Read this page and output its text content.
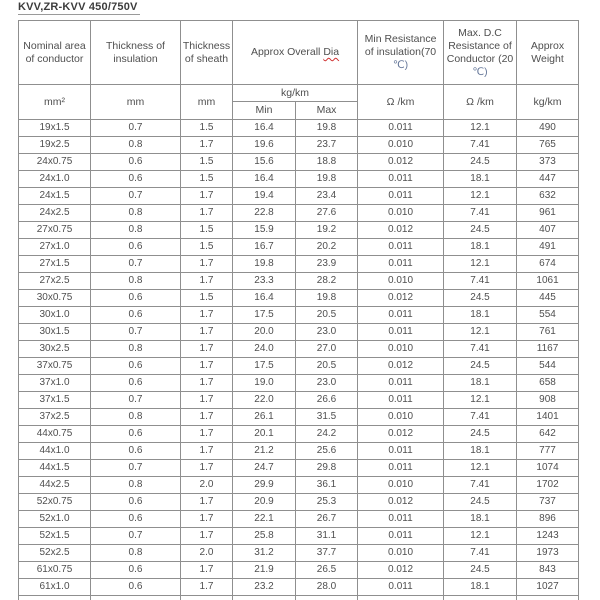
KVV,ZR-KVV 450/750V
Nominal area of conductor	Thickness of insulation	Thickness of sheath	Approx Overall Dia		Min Resistance of insulation(70 ℃)	Max. D.C Resistance of Conductor (20 ℃)	Approx Weight
mm²	mm	mm	kg/km		Ω /km	Ω /km	kg/km
			Min	Max			
19x1.5	0.7	1.5	16.4	19.8	0.011	12.1	490
19x2.5	0.8	1.7	19.6	23.7	0.010	7.41	765
24x0.75	0.6	1.5	15.6	18.8	0.012	24.5	373
24x1.0	0.6	1.5	16.4	19.8	0.011	18.1	447
24x1.5	0.7	1.7	19.4	23.4	0.011	12.1	632
24x2.5	0.8	1.7	22.8	27.6	0.010	7.41	961
27x0.75	0.8	1.5	15.9	19.2	0.012	24.5	407
27x1.0	0.6	1.5	16.7	20.2	0.011	18.1	491
27x1.5	0.7	1.7	19.8	23.9	0.011	12.1	674
27x2.5	0.8	1.7	23.3	28.2	0.010	7.41	1061
30x0.75	0.6	1.5	16.4	19.8	0.012	24.5	445
30x1.0	0.6	1.7	17.5	20.5	0.011	18.1	554
30x1.5	0.7	1.7	20.0	23.0	0.011	12.1	761
30x2.5	0.8	1.7	24.0	27.0	0.010	7.41	1167
37x0.75	0.6	1.7	17.5	20.5	0.012	24.5	544
37x1.0	0.6	1.7	19.0	23.0	0.011	18.1	658
37x1.5	0.7	1.7	22.0	26.6	0.011	12.1	908
37x2.5	0.8	1.7	26.1	31.5	0.010	7.41	1401
44x0.75	0.6	1.7	20.1	24.2	0.012	24.5	642
44x1.0	0.6	1.7	21.2	25.6	0.011	18.1	777
44x1.5	0.7	1.7	24.7	29.8	0.011	12.1	1074
44x2.5	0.8	2.0	29.9	36.1	0.010	7.41	1702
52x0.75	0.6	1.7	20.9	25.3	0.012	24.5	737
52x1.0	0.6	1.7	22.1	26.7	0.011	18.1	896
52x1.5	0.7	1.7	25.8	31.1	0.011	12.1	1243
52x2.5	0.8	2.0	31.2	37.7	0.010	7.41	1973
61x0.75	0.6	1.7	21.9	26.5	0.012	24.5	843
61x1.0	0.6	1.7	23.2	28.0	0.011	18.1	1027
